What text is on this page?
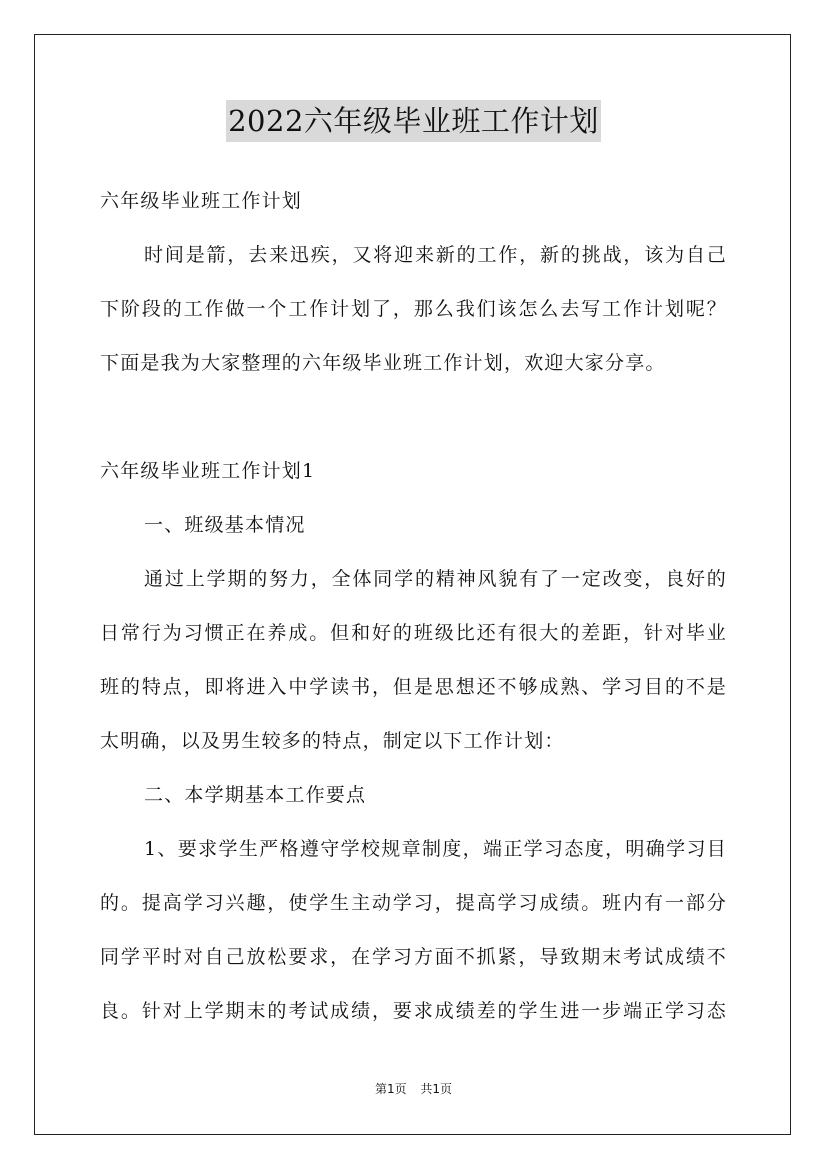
2022六年级毕业班工作计划
六年级毕业班工作计划
时间是箭，去来迅疾，又将迎来新的工作，新的挑战，该为自己
下阶段的工作做一个工作计划了，那么我们该怎么去写工作计划呢？
下面是我为大家整理的六年级毕业班工作计划，欢迎大家分享。
六年级毕业班工作计划1
一、班级基本情况
通过上学期的努力，全体同学的精神风貌有了一定改变，良好的
日常行为习惯正在养成。但和好的班级比还有很大的差距，针对毕业
班的特点，即将进入中学读书，但是思想还不够成熟、学习目的不是
太明确，以及男生较多的特点，制定以下工作计划：
二、本学期基本工作要点
1、要求学生严格遵守学校规章制度，端正学习态度，明确学习目
的。提高学习兴趣，使学生主动学习，提高学习成绩。班内有一部分
同学平时对自己放松要求，在学习方面不抓紧，导致期末考试成绩不
良。针对上学期末的考试成绩，要求成绩差的学生进一步端正学习态
第1页 共1页
